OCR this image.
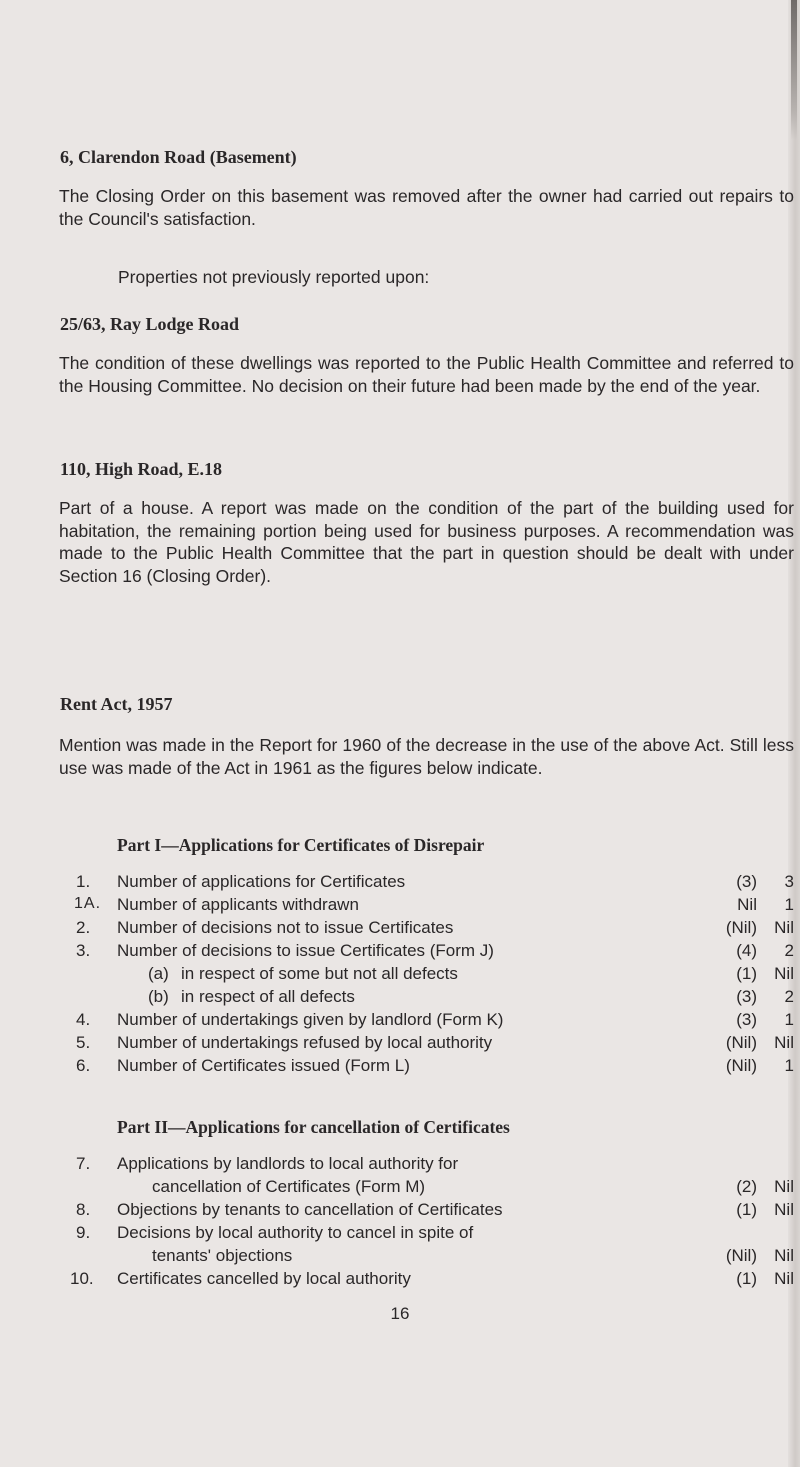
6, Clarendon Road (Basement)
The Closing Order on this basement was removed after the owner had carried out repairs to the Council's satisfaction.
Properties not previously reported upon:
25/63, Ray Lodge Road
The condition of these dwellings was reported to the Public Health Committee and referred to the Housing Committee. No decision on their future had been made by the end of the year.
110, High Road, E.18
Part of a house. A report was made on the condition of the part of the building used for habitation, the remaining portion being used for business purposes. A recommendation was made to the Public Health Committee that the part in question should be dealt with under Section 16 (Closing Order).
Rent Act, 1957
Mention was made in the Report for 1960 of the decrease in the use of the above Act. Still less use was made of the Act in 1961 as the figures below indicate.
Part I—Applications for Certificates of Disrepair
1. Number of applications for Certificates	(3)	3
1A. Number of applicants withdrawn	Nil	1
2. Number of decisions not to issue Certificates	(Nil)	Nil
3. Number of decisions to issue Certificates (Form J)	(4)	2
(a) in respect of some but not all defects	(1)	Nil
(b) in respect of all defects	(3)	2
4. Number of undertakings given by landlord (Form K)	(3)	1
5. Number of undertakings refused by local authority	(Nil)	Nil
6. Number of Certificates issued (Form L)	(Nil)	1
Part II—Applications for cancellation of Certificates
7. Applications by landlords to local authority for
cancellation of Certificates (Form M)	(2)	Nil
8. Objections by tenants to cancellation of Certificates	(1)	Nil
9. Decisions by local authority to cancel in spite of
tenants' objections	(Nil)	Nil
10. Certificates cancelled by local authority	(1)	Nil
16
